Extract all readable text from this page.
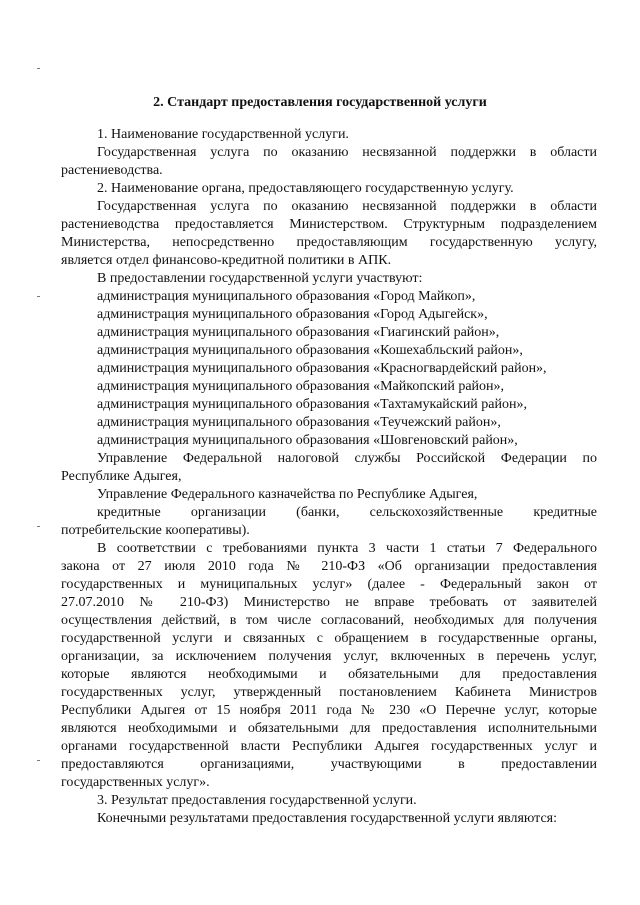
2. Стандарт предоставления государственной услуги
1. Наименование государственной услуги.
Государственная услуга по оказанию несвязанной поддержки в области
растениеводства.
2. Наименование органа, предоставляющего государственную услугу.
Государственная услуга по оказанию несвязанной поддержки в области
растениеводства предоставляется Министерством. Структурным подразделением
Министерства, непосредственно предоставляющим государственную услугу,
является отдел финансово-кредитной политики в АПК.
В предоставлении государственной услуги участвуют:
администрация муниципального образования «Город Майкоп»,
администрация муниципального образования «Город Адыгейск»,
администрация муниципального образования «Гиагинский район»,
администрация муниципального образования «Кошехабльский район»,
администрация муниципального образования «Красногвардейский район»,
администрация муниципального образования «Майкопский район»,
администрация муниципального образования «Тахтамукайский район»,
администрация муниципального образования «Теучежский район»,
администрация муниципального образования «Шовгеновский район»,
Управление Федеральной налоговой службы Российской Федерации по
Республике Адыгея,
Управление Федерального казначейства по Республике Адыгея,
кредитные организации (банки, сельскохозяйственные кредитные
потребительские кооперативы).
В соответствии с требованиями пункта 3 части 1 статьи 7 Федерального
закона от 27 июля 2010 года № 210-ФЗ «Об организации предоставления
государственных и муниципальных услуг» (далее - Федеральный закон от
27.07.2010 № 210-ФЗ) Министерство не вправе требовать от заявителей
осуществления действий, в том числе согласований, необходимых для получения
государственной услуги и связанных с обращением в государственные органы,
организации, за исключением получения услуг, включенных в перечень услуг,
которые являются необходимыми и обязательными для предоставления
государственных услуг, утвержденный постановлением Кабинета Министров
Республики Адыгея от 15 ноября 2011 года № 230 «О Перечне услуг, которые
являются необходимыми и обязательными для предоставления исполнительными
органами государственной власти Республики Адыгея государственных услуг и
предоставляются организациями, участвующими в предоставлении
государственных услуг».
3. Результат предоставления государственной услуги.
Конечными результатами предоставления государственной услуги являются:
